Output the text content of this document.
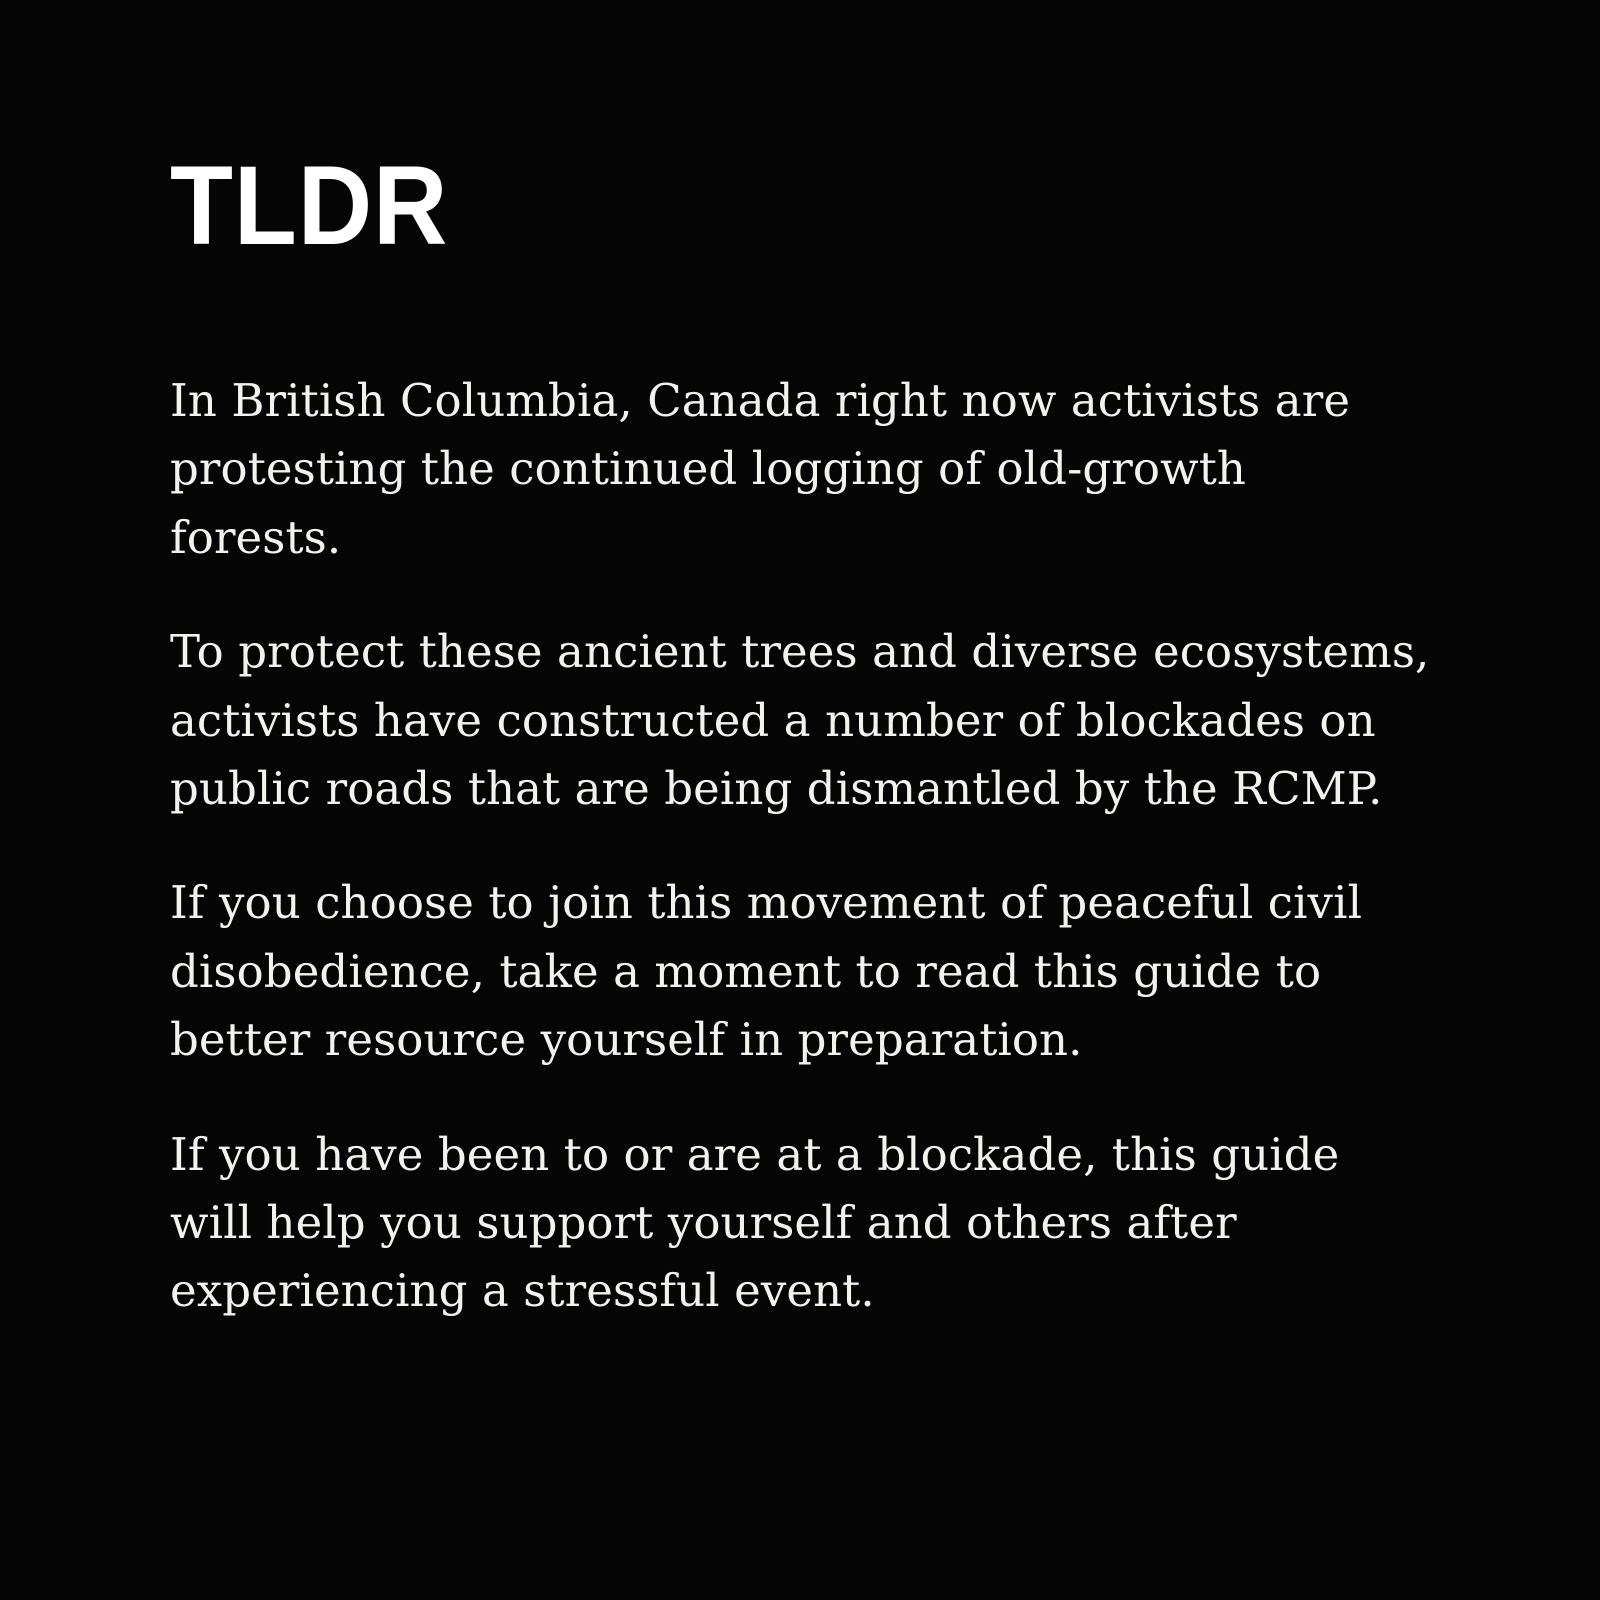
TLDR

In British Columbia, Canada right now activists are protesting the continued logging of old-growth forests.

To protect these ancient trees and diverse ecosystems, activists have constructed a number of blockades on public roads that are being dismantled by the RCMP.

If you choose to join this movement of peaceful civil disobedience, take a moment to read this guide to better resource yourself in preparation.

If you have been to or are at a blockade, this guide will help you support yourself and others after experiencing a stressful event.
